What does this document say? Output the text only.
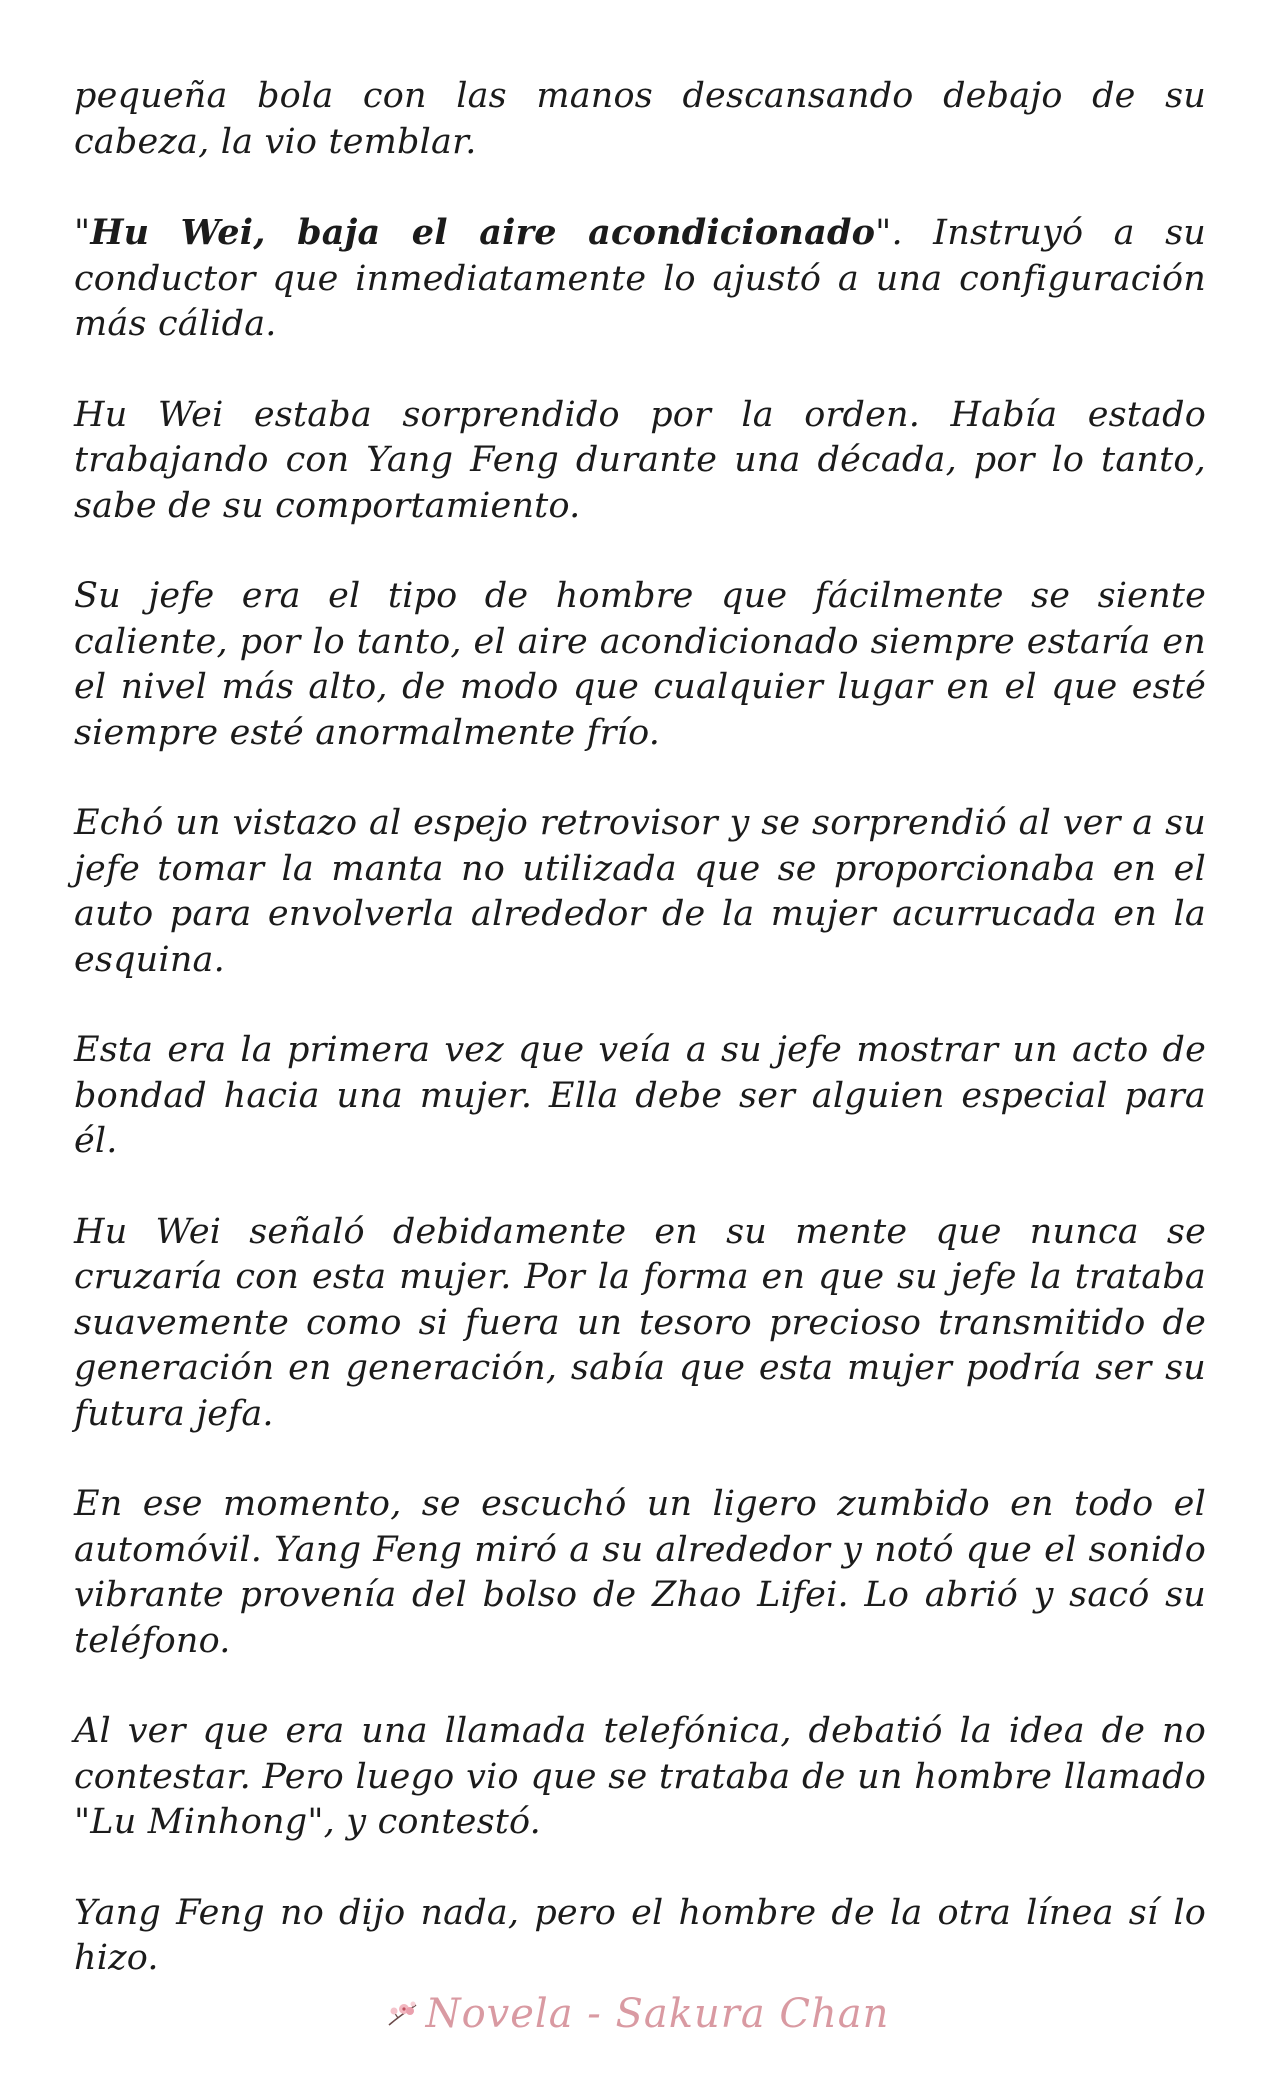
pequeña bola con las manos descansando debajo de su cabeza, la vio temblar.

"Hu Wei, baja el aire acondicionado". Instruyó a su conductor que inmediatamente lo ajustó a una configuración más cálida.

Hu Wei estaba sorprendido por la orden. Había estado trabajando con Yang Feng durante una década, por lo tanto, sabe de su comportamiento.

Su jefe era el tipo de hombre que fácilmente se siente caliente, por lo tanto, el aire acondicionado siempre estaría en el nivel más alto, de modo que cualquier lugar en el que esté siempre esté anormalmente frío.

Echó un vistazo al espejo retrovisor y se sorprendió al ver a su jefe tomar la manta no utilizada que se proporcionaba en el auto para envolverla alrededor de la mujer acurrucada en la esquina.

Esta era la primera vez que veía a su jefe mostrar un acto de bondad hacia una mujer. Ella debe ser alguien especial para él.

Hu Wei señaló debidamente en su mente que nunca se cruzaría con esta mujer. Por la forma en que su jefe la trataba suavemente como si fuera un tesoro precioso transmitido de generación en generación, sabía que esta mujer podría ser su futura jefa.

En ese momento, se escuchó un ligero zumbido en todo el automóvil. Yang Feng miró a su alrededor y notó que el sonido vibrante provenía del bolso de Zhao Lifei. Lo abrió y sacó su teléfono.

Al ver que era una llamada telefónica, debatió la idea de no contestar. Pero luego vio que se trataba de un hombre llamado "Lu Minhong", y contestó.

Yang Feng no dijo nada, pero el hombre de la otra línea sí lo hizo.

Novela - Sakura Chan
